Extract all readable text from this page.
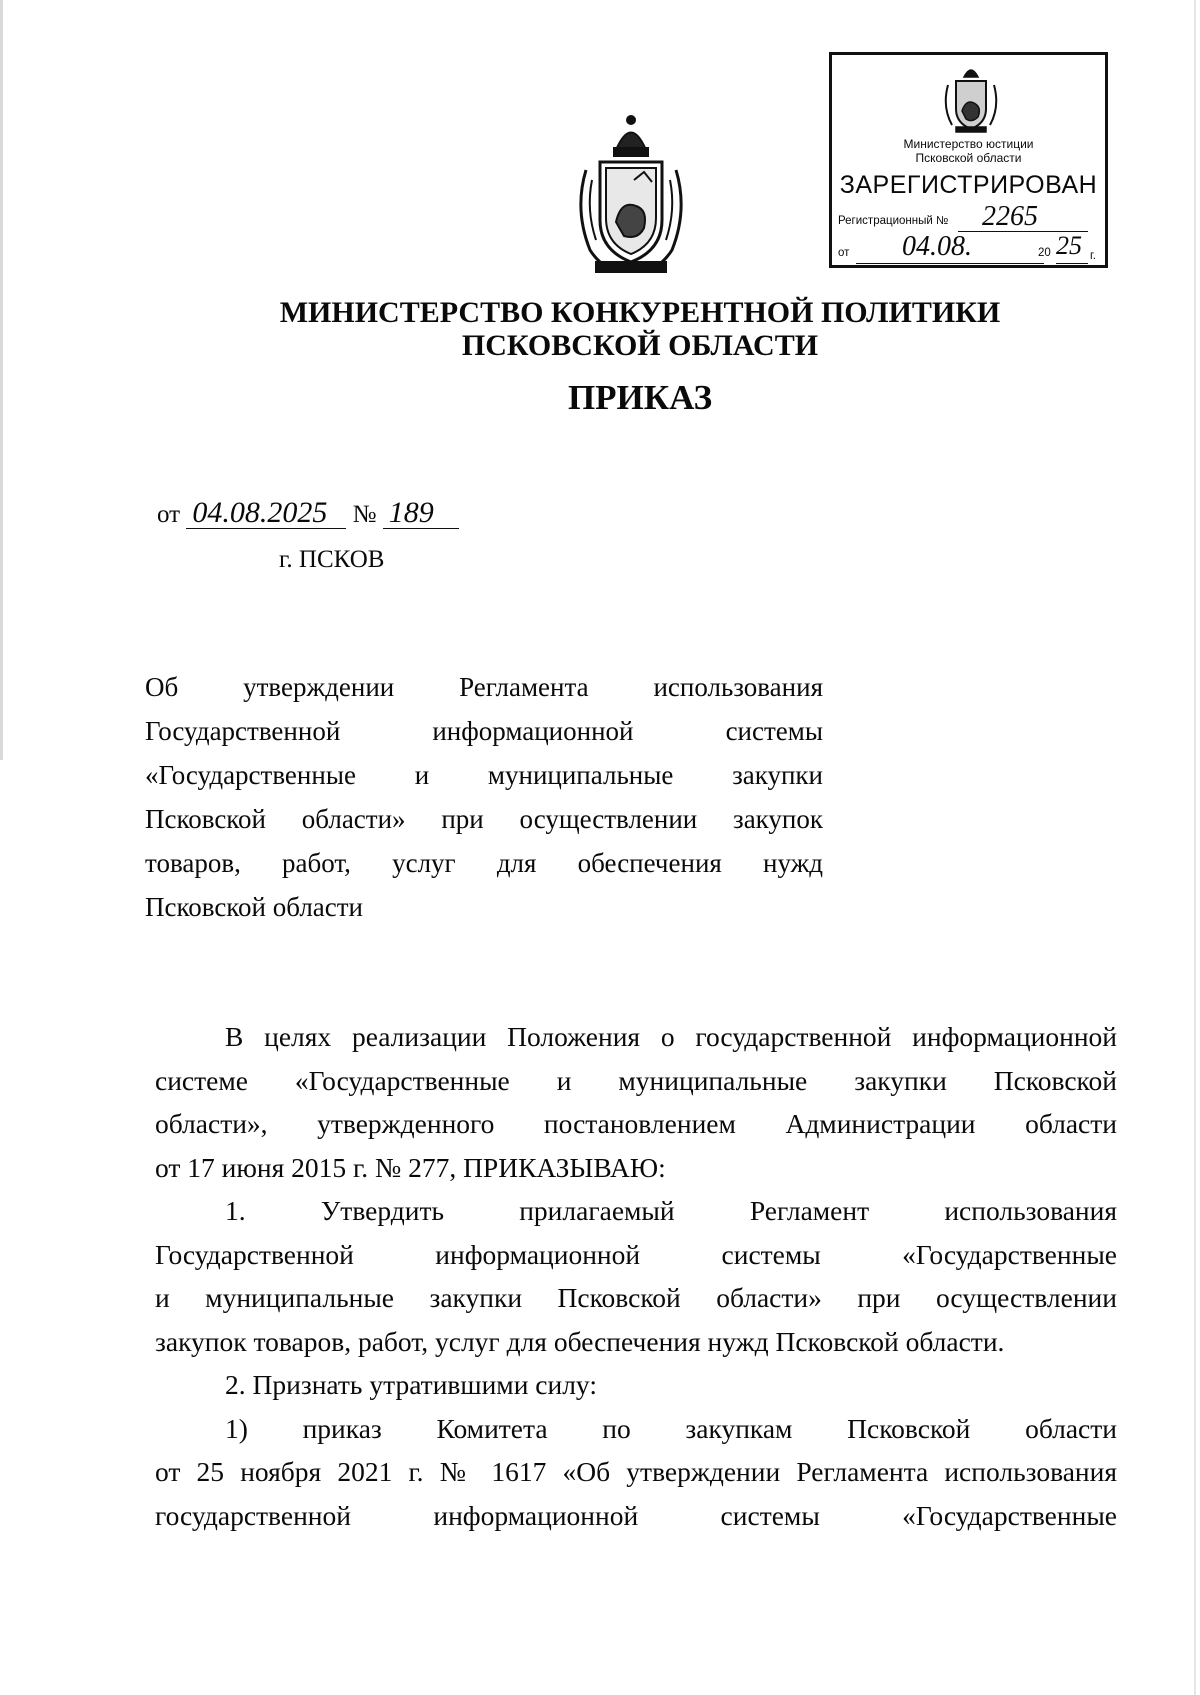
Министерство юстиции
Псковской области
ЗАРЕГИСТРИРОВАН
Регистрационный № 2265
от 04.08.	20 25 г.
МИНИСТЕРСТВО КОНКУРЕНТНОЙ ПОЛИТИКИ
ПСКОВСКОЙ ОБЛАСТИ
ПРИКАЗ
от 04.08.2025 № 189
г. ПСКОВ
Об утверждении Регламента использования
Государственной информационной системы
«Государственные и муниципальные закупки
Псковской области» при осуществлении закупок
товаров, работ, услуг для обеспечения нужд
Псковской области
В целях реализации Положения о государственной информационной
системе «Государственные и муниципальные закупки Псковской
области», утвержденного постановлением Администрации области
от 17 июня 2015 г. № 277, ПРИКАЗЫВАЮ:
1. Утвердить прилагаемый Регламент использования
Государственной информационной системы «Государственные
и муниципальные закупки Псковской области» при осуществлении
закупок товаров, работ, услуг для обеспечения нужд Псковской области.
2. Признать утратившими силу:
1) приказ Комитета по закупкам Псковской области
от 25 ноября 2021 г. № 1617 «Об утверждении Регламента использования
государственной информационной системы «Государственные
